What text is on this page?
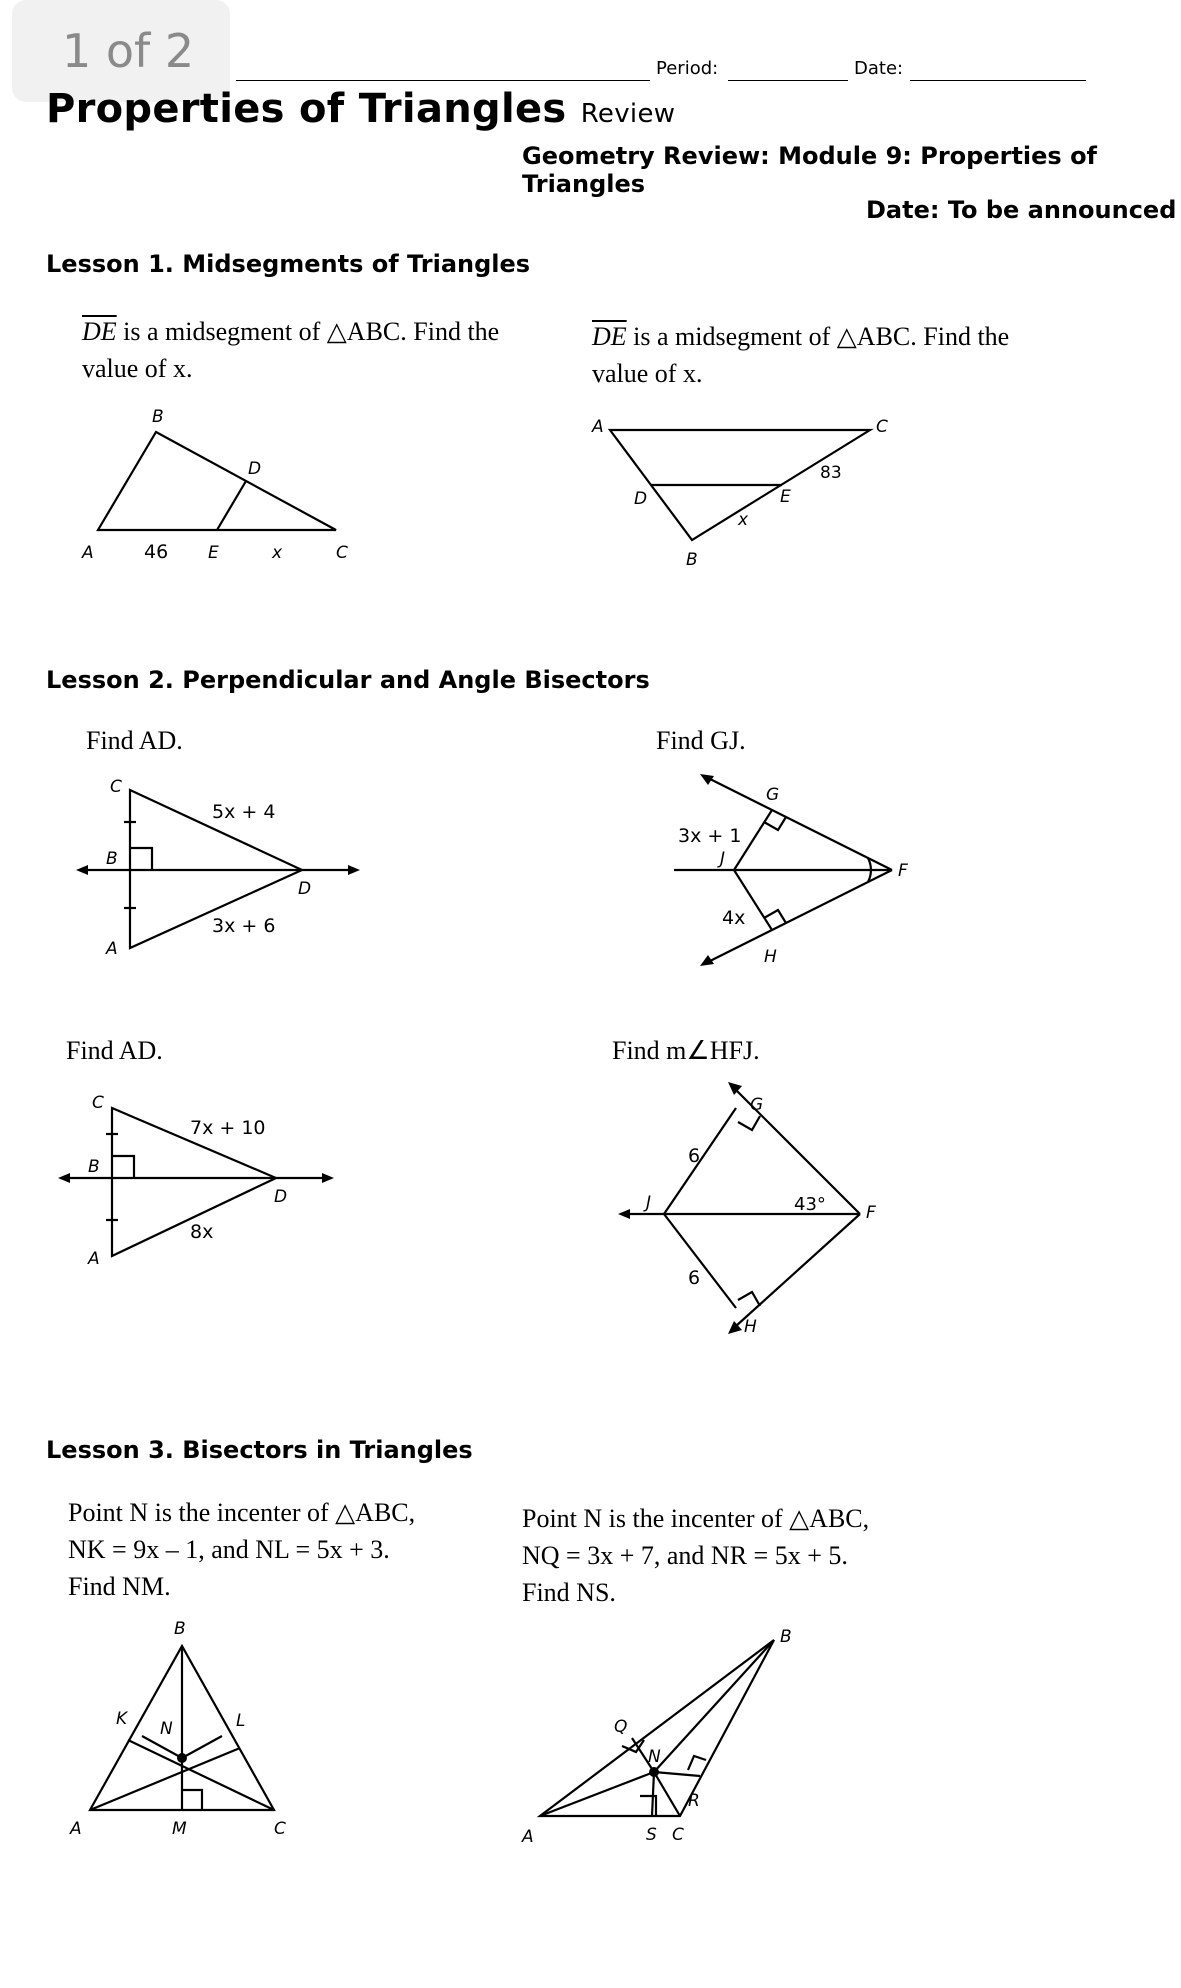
1 of 2	Period:	Date:
Properties of Triangles Review
Geometry Review: Module 9: Properties of Triangles
Date: To be announced
Lesson 1. Midsegments of Triangles
$\overline{DE}$ is a midsegment of △ABC. Find the
value of x.
B
D
A	46 E	x	C
$\overline{DE}$ is a midsegment of △ABC. Find the
value of x.
A	C
83
D	E
x
B
Lesson 2. Perpendicular and Angle Bisectors
Find AD.
C
B
A
D
5x + 4
3x + 6
Find GJ.
G
J
H
F
3x + 1
4x
Find AD.
C
B
A
D
7x + 10
8x
Find m∠HFJ.
G
J
H
F
6
6
43°
Lesson 3. Bisectors in Triangles
Point N is the incenter of △ABC,
NK = 9x – 1, and NL = 5x + 3.
Find NM.
B
K N	L
A	M	C
Point N is the incenter of △ABC,
NQ = 3x + 7, and NR = 5x + 5.
Find NS.
B
Q
N
R
A	S C
